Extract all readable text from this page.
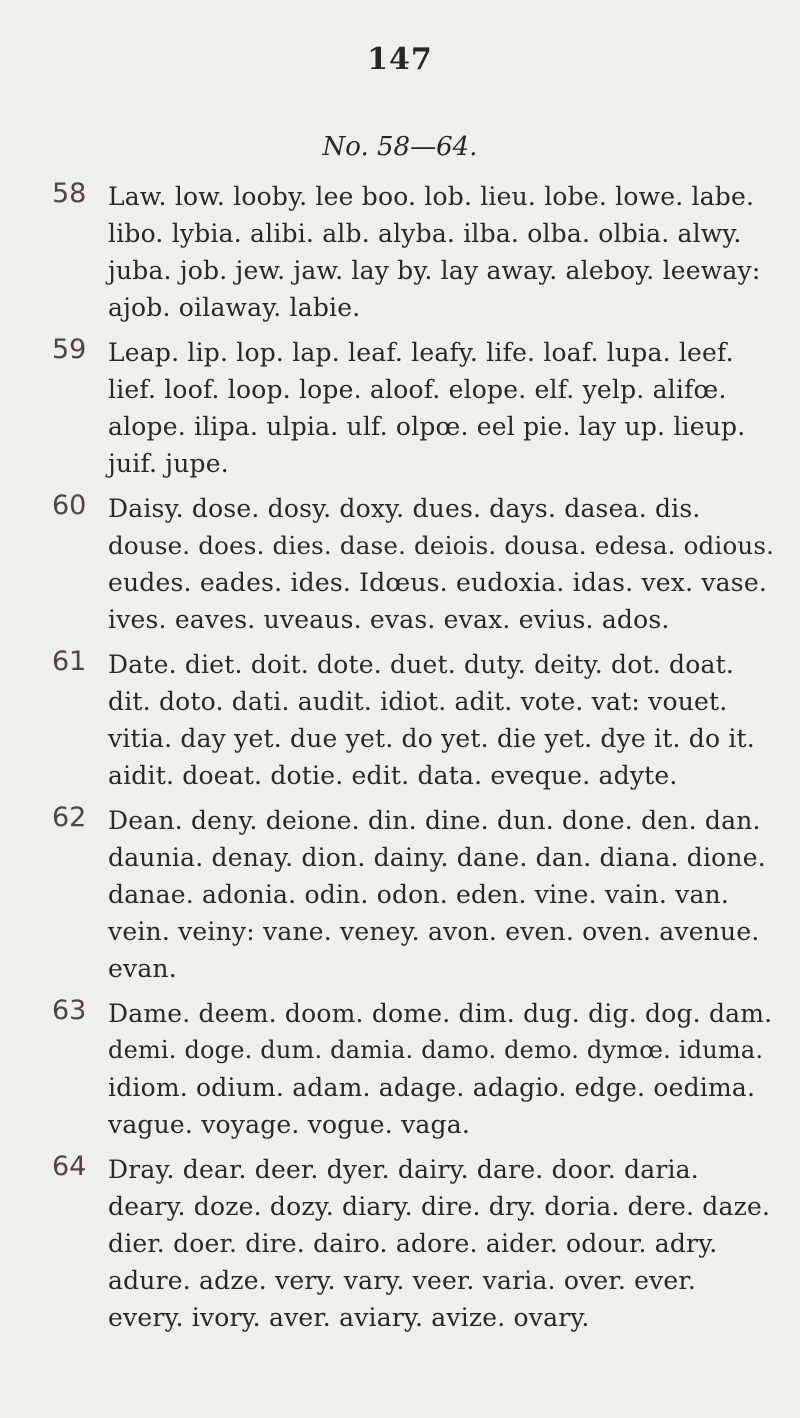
147
No. 58—64.
58 Law. low. looby. lee boo. lob. lieu. lobe. lowe. labe.
libo. lybia. alibi. alb. alyba. ilba. olba. olbia. alwy.
juba. job. jew. jaw. lay by. lay away. aleboy. leeway:
ajob. oilaway. labie.
59 Leap. lip. lop. lap. leaf. leafy. life. loaf. lupa. leef.
lief. loof. loop. lope. aloof. elope. elf. yelp. alifœ.
alope. ilipa. ulpia. ulf. olpœ. eel pie. lay up. lieup.
juif. jupe.
60 Daisy. dose. dosy. doxy. dues. days. dasea. dis.
douse. does. dies. dase. deiois. dousa. edesa. odious.
eudes. eades. ides. Idœus. eudoxia. idas. vex. vase.
ives. eaves. uveaus. evas. evax. evius. ados.
61 Date. diet. doit. dote. duet. duty. deity. dot. doat.
dit. doto. dati. audit. idiot. adit. vote. vat: vouet.
vitia. day yet. due yet. do yet. die yet. dye it. do it.
aidit. doeat. dotie. edit. data. eveque. adyte.
62 Dean. deny. deione. din. dine. dun. done. den. dan.
daunia. denay. dion. dainy. dane. dan. diana. dione.
danae. adonia. odin. odon. eden. vine. vain. van.
vein. veiny: vane. veney. avon. even. oven. avenue.
evan.
63 Dame. deem. doom. dome. dim. dug. dig. dog. dam.
demi. doge. dum. damia. damo. demo. dymœ. iduma.
idiom. odium. adam. adage. adagio. edge. oedima.
vague. voyage. vogue. vaga.
64 Dray. dear. deer. dyer. dairy. dare. door. daria.
deary. doze. dozy. diary. dire. dry. doria. dere. daze.
dier. doer. dire. dairo. adore. aider. odour. adry.
adure. adze. very. vary. veer. varia. over. ever.
every. ivory. aver. aviary. avize. ovary.
